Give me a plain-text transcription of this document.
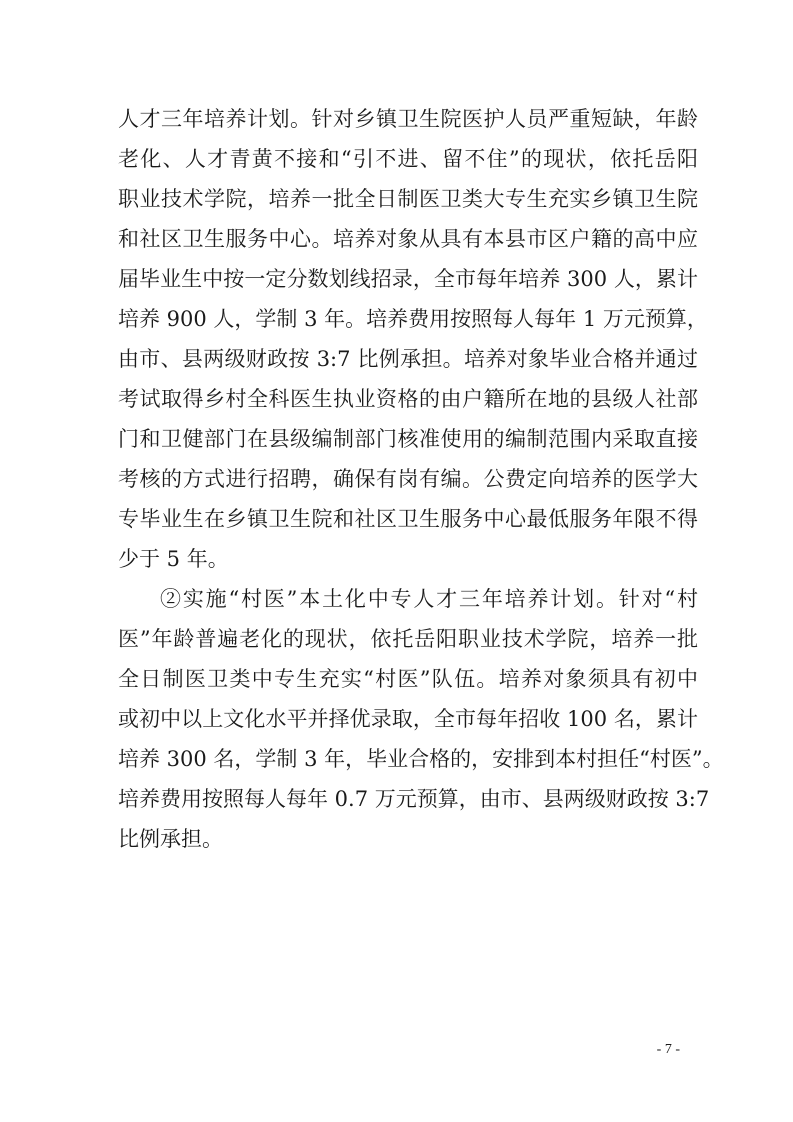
人才三年培养计划。针对乡镇卫生院医护人员严重短缺，年龄
老化、人才青黄不接和“引不进、留不住”的现状，依托岳阳
职业技术学院，培养一批全日制医卫类大专生充实乡镇卫生院
和社区卫生服务中心。培养对象从具有本县市区户籍的高中应
届毕业生中按一定分数划线招录，全市每年培养 300 人，累计
培养 900 人，学制 3 年。培养费用按照每人每年 1 万元预算，
由市、县两级财政按 3:7 比例承担。培养对象毕业合格并通过
考试取得乡村全科医生执业资格的由户籍所在地的县级人社部
门和卫健部门在县级编制部门核准使用的编制范围内采取直接
考核的方式进行招聘，确保有岗有编。公费定向培养的医学大
专毕业生在乡镇卫生院和社区卫生服务中心最低服务年限不得
少于 5 年。
②实施“村医”本土化中专人才三年培养计划。针对“村
医”年龄普遍老化的现状，依托岳阳职业技术学院，培养一批
全日制医卫类中专生充实“村医”队伍。培养对象须具有初中
或初中以上文化水平并择优录取，全市每年招收 100 名，累计
培养 300 名，学制 3 年，毕业合格的，安排到本村担任“村医”。
培养费用按照每人每年 0.7 万元预算，由市、县两级财政按 3:7
比例承担。
- 7 -
